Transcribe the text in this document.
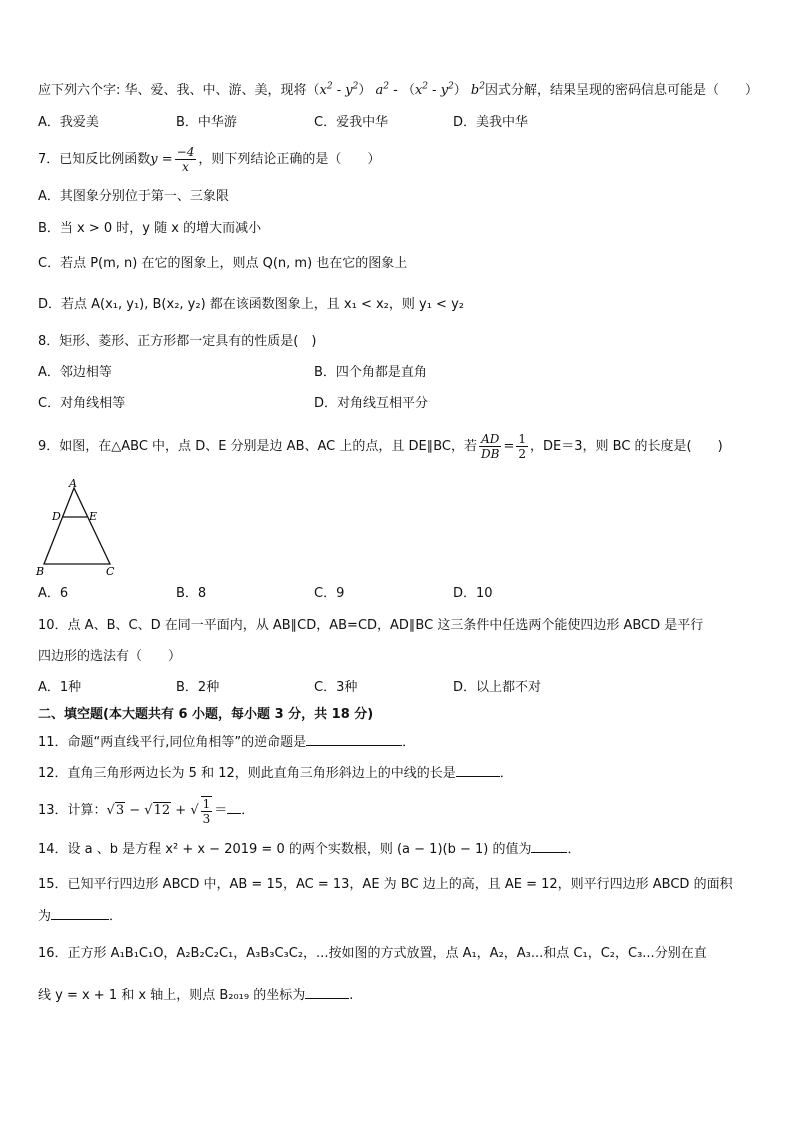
应下列六个字: 华、爱、我、中、游、美，现将$(x^2 - y^2)$ $a^2 - (x^2 - y^2)$ $b^2$因式分解，结果呈现的密码信息可能是（　　）
A．我爱美	B．中华游	C．爱我中华	D．美我中华
7．已知反比例函数$y = \frac{-4}{x}$ ，则下列结论正确的是（　　）
A．其图象分别位于第一、三象限
B．当 x > 0 时，y 随 x 的增大而减小
C．若点 P(m, n) 在它的图象上，则点 Q(n, m) 也在它的图象上
D．若点 A(x₁, y₁), B(x₂, y₂) 都在该函数图象上，且 x₁ < x₂，则 y₁ < y₂
8．矩形、菱形、正方形都一定具有的性质是(　)
A．邻边相等	B．四个角都是直角
C．对角线相等	D．对角线互相平分
9．如图，在△ABC 中，点 D、E 分别是边 AB、AC 上的点，且 DE∥BC，若 $\frac{AD}{DB} = \frac{1}{2}$ ，DE＝3，则 BC 的长度是(　　)
A
D	E
B	C
A．6	B．8	C．9	D．10
10．点 A、B、C、D 在同一平面内，从 AB∥CD，AB=CD，AD∥BC 这三条件中任选两个能使四边形 ABCD 是平行
四边形的选法有（　　）
A．1种	B．2种	C．3种	D．以上都不对
二、填空题(本大题共有 6 小题，每小题 3 分，共 18 分)
11．命题“两直线平行,同位角相等”的逆命题是	．
12．直角三角形两边长为 5 和 12，则此直角三角形斜边上的中线的长是	．
13．计算：√3 − √12 + √ $\frac{1}{3}$ ＝ ．
14．设 a 、b 是方程 x² + x − 2019 = 0 的两个实数根，则 (a − 1)(b − 1) 的值为	．
15．已知平行四边形 ABCD 中，AB = 15，AC = 13，AE 为 BC 边上的高，且 AE = 12，则平行四边形 ABCD 的面积
为	．
16．正方形 A₁B₁C₁O，A₂B₂C₂C₁，A₃B₃C₃C₂，...按如图的方式放置，点 A₁，A₂，A₃...和点 C₁，C₂，C₃...分别在直
线 y = x + 1 和 x 轴上，则点 B₂₀₁₉ 的坐标为	.
